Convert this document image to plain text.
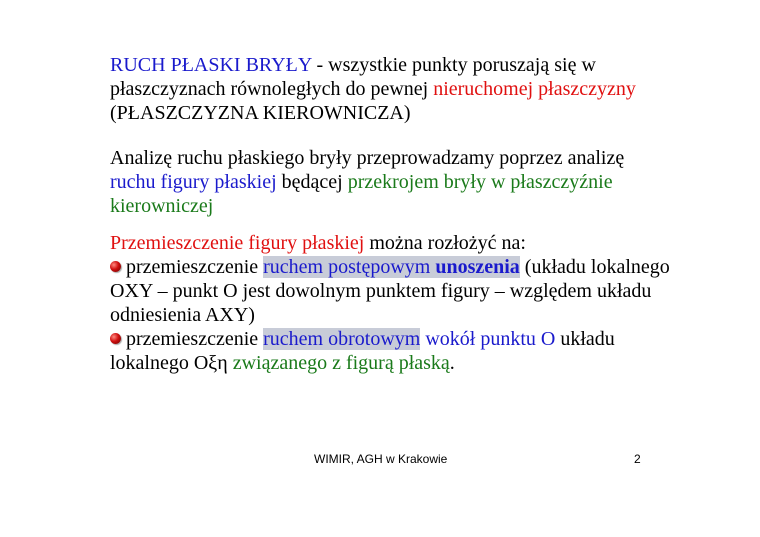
RUCH PŁASKI BRYŁY - wszystkie punkty poruszają się w płaszczyznach równoległych do pewnej nieruchomej płaszczyzny (PŁASZCZYZNA KIEROWNICZA)
Analizę ruchu płaskiego bryły przeprowadzamy poprzez analizę ruchu figury płaskiej będącej przekrojem bryły w płaszczyźnie kierowniczej
Przemieszczenie figury płaskiej można rozłożyć na:
przemieszczenie ruchem postępowym unoszenia (układu lokalnego OXY – punkt O jest dowolnym punktem figury – względem układu odniesienia AXY)
przemieszczenie ruchem obrotowym wokół punktu O układu lokalnego Oξη związanego z figurą płaską.
WIMIR, AGH w Krakowie	2
